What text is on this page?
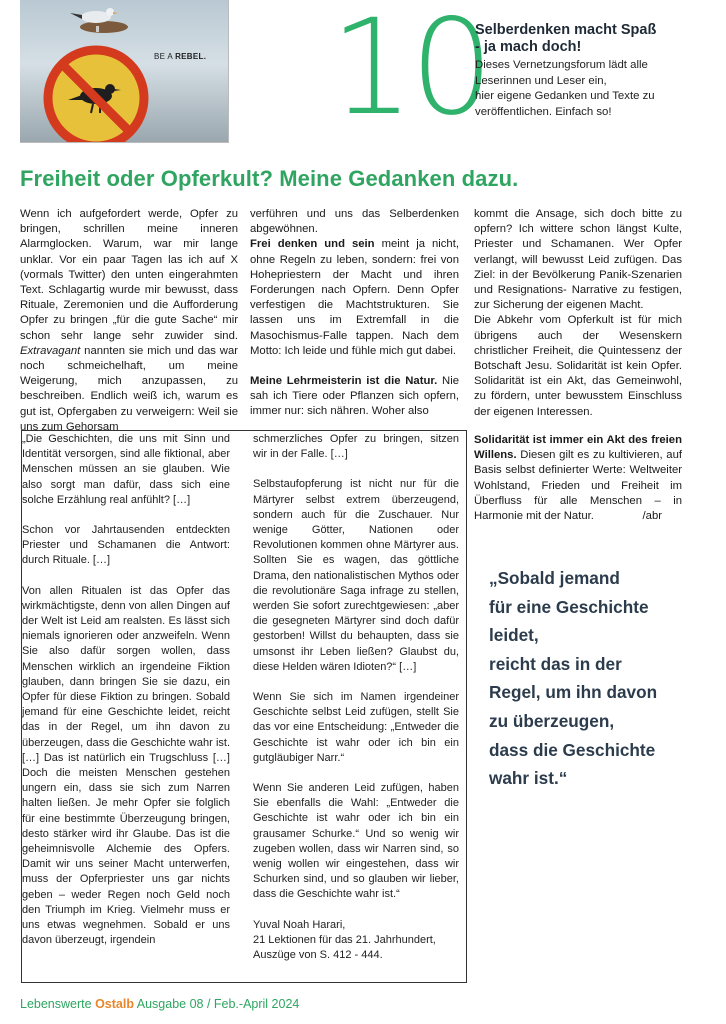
BE A REBEL. 10
Selberdenken macht Spaß
- ja mach doch!

Dieses Vernetzungsforum lädt alle
Leserinnen und Leser ein,
hier eigene Gedanken und Texte zu
veröffentlichen. Einfach so!

Freiheit oder Opferkult? Meine Gedanken dazu.

Wenn ich aufgefordert werde, Opfer zu bringen, schrillen meine inneren Alarmglocken. Warum, war mir lange unklar. Vor ein paar Tagen las ich auf X (vormals Twitter) den unten eingerahmten Text. Schlagartig wurde mir bewusst, dass Rituale, Zeremonien und die Aufforderung Opfer zu bringen „für die gute Sache“ mir schon sehr lange sehr zuwider sind. Extravagant nannten sie mich und das war noch schmeichelhaft, um meine Weigerung, mich anzupassen, zu beschreiben. Endlich weiß ich, warum es gut ist, Opfergaben zu verweigern: Weil sie uns zum Gehorsam

verführen und uns das Selberdenken abgewöhnen.

Frei denken und sein meint ja nicht, ohne Regeln zu leben, sondern: frei von Hohepriestern der Macht und ihren Forderungen nach Opfern. Denn Opfer verfestigen die Machtstrukturen. Sie lassen uns im Extremfall in die Masochismus-Falle tappen. Nach dem Motto: Ich leide und fühle mich gut dabei.

Meine Lehrmeisterin ist die Natur. Nie sah ich Tiere oder Pflanzen sich opfern, immer nur: sich nähren. Woher also

kommt die Ansage, sich doch bitte zu opfern? Ich wittere schon längst Kulte, Priester und Schamanen. Wer Opfer verlangt, will bewusst Leid zufügen. Das Ziel: in der Bevölkerung Panik-Szenarien und Resignations- Narrative zu festigen, zur Sicherung der eigenen Macht.

Die Abkehr vom Opferkult ist für mich übrigens auch der Wesenskern christlicher Freiheit, die Quintessenz der Botschaft Jesu. Solidarität ist kein Opfer. Solidarität ist ein Akt, das Gemeinwohl, zu fördern, unter bewusstem Einschluss der eigenen Interessen.

„Die Geschichten, die uns mit Sinn und Identität versorgen, sind alle fiktional, aber Menschen müssen an sie glauben. Wie also sorgt man dafür, dass sich eine solche Erzählung real anfühlt? […]

Schon vor Jahrtausenden entdeckten Priester und Schamanen die Antwort: durch Rituale. […]

Von allen Ritualen ist das Opfer das wirkmächtigste, denn von allen Dingen auf der Welt ist Leid am realsten. Es lässt sich niemals ignorieren oder anzweifeln. Wenn Sie also dafür sorgen wollen, dass Menschen wirklich an irgendeine Fiktion glauben, dann bringen Sie sie dazu, ein Opfer für diese Fiktion zu bringen. Sobald jemand für eine Geschichte leidet, reicht das in der Regel, um ihn davon zu überzeugen, dass die Geschichte wahr ist. […] Das ist natürlich ein Trugschluss […] Doch die meisten Menschen gestehen ungern ein, dass sie sich zum Narren halten ließen. Je mehr Opfer sie folglich für eine bestimmte Überzeugung bringen, desto stärker wird ihr Glaube. Das ist die geheimnisvolle Alchemie des Opfers. Damit wir uns seiner Macht unterwerfen, muss der Opferpriester uns gar nichts geben – weder Regen noch Geld noch den Triumph im Krieg. Vielmehr muss er uns etwas wegnehmen. Sobald er uns davon überzeugt, irgendein

schmerzliches Opfer zu bringen, sitzen wir in der Falle. […]

Selbstaufopferung ist nicht nur für die Märtyrer selbst extrem überzeugend, sondern auch für die Zuschauer. Nur wenige Götter, Nationen oder Revolutionen kommen ohne Märtyrer aus. Sollten Sie es wagen, das göttliche Drama, den nationalistischen Mythos oder die revolutionäre Saga infrage zu stellen, werden Sie sofort zurechtgewiesen: „aber die gesegneten Märtyrer sind doch dafür gestorben! Willst du behaupten, dass sie umsonst ihr Leben ließen? Glaubst du, diese Helden wären Idioten?“ […]

Wenn Sie sich im Namen irgendeiner Geschichte selbst Leid zufügen, stellt Sie das vor eine Entscheidung: „Entweder die Geschichte ist wahr oder ich bin ein gutgläubiger Narr.“

Wenn Sie anderen Leid zufügen, haben Sie ebenfalls die Wahl: „Entweder die Geschichte ist wahr oder ich bin ein grausamer Schurke.“ Und so wenig wir zugeben wollen, dass wir Narren sind, so wenig wollen wir eingestehen, dass wir Schurken sind, und so glauben wir lieber, dass die Geschichte wahr ist.“

Yuval Noah Harari,
21 Lektionen für das 21. Jahrhundert,
Auszüge von S. 412 - 444.

Solidarität ist immer ein Akt des freien Willens. Diesen gilt es zu kultivieren, auf Basis selbst definierter Werte: Weltweiter Wohlstand, Frieden und Freiheit im Überfluss für alle Menschen – in Harmonie mit der Natur.	/abr

„Sobald jemand
für eine Geschichte
leidet,
reicht das in der
Regel, um ihn davon
zu überzeugen,
dass die Geschichte
wahr ist.“
Lebenswerte Ostalb Ausgabe 08 / Feb.-April 2024
